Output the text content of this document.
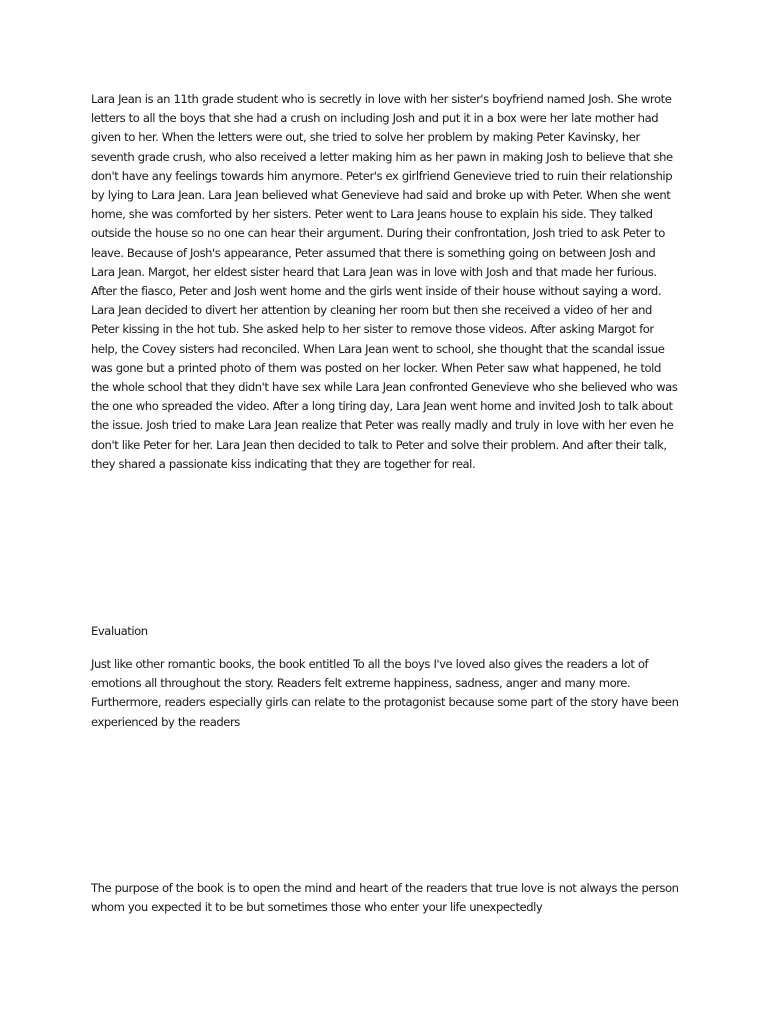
Lara Jean is an 11th grade student who is secretly in love with her sister's boyfriend named Josh. She wrote letters to all the boys that she had a crush on including Josh and put it in a box were her late mother had given to her. When the letters were out, she tried to solve her problem by making Peter Kavinsky, her seventh grade crush, who also received a letter making him as her pawn in making Josh to believe that she don't have any feelings towards him anymore. Peter's ex girlfriend Genevieve tried to ruin their relationship by lying to Lara Jean. Lara Jean believed what Genevieve had said and broke up with Peter. When she went home, she was comforted by her sisters. Peter went to Lara Jeans house to explain his side. They talked outside the house so no one can hear their argument. During their confrontation, Josh tried to ask Peter to leave. Because of Josh's appearance, Peter assumed that there is something going on between Josh and Lara Jean. Margot, her eldest sister heard that Lara Jean was in love with Josh and that made her furious. After the fiasco, Peter and Josh went home and the girls went inside of their house without saying a word. Lara Jean decided to divert her attention by cleaning her room but then she received a video of her and Peter kissing in the hot tub. She asked help to her sister to remove those videos. After asking Margot for help, the Covey sisters had reconciled. When Lara Jean went to school, she thought that the scandal issue was gone but a printed photo of them was posted on her locker. When Peter saw what happened, he told the whole school that they didn't have sex while Lara Jean confronted Genevieve who she believed who was the one who spreaded the video. After a long tiring day, Lara Jean went home and invited Josh to talk about the issue. Josh tried to make Lara Jean realize that Peter was really madly and truly in love with her even he don't like Peter for her. Lara Jean then decided to talk to Peter and solve their problem. And after their talk, they shared a passionate kiss indicating that they are together for real.

Evaluation

Just like other romantic books, the book entitled To all the boys I've loved also gives the readers a lot of emotions all throughout the story. Readers felt extreme happiness, sadness, anger and many more. Furthermore, readers especially girls can relate to the protagonist because some part of the story have been experienced by the readers

The purpose of the book is to open the mind and heart of the readers that true love is not always the person whom you expected it to be but sometimes those who enter your life unexpectedly
